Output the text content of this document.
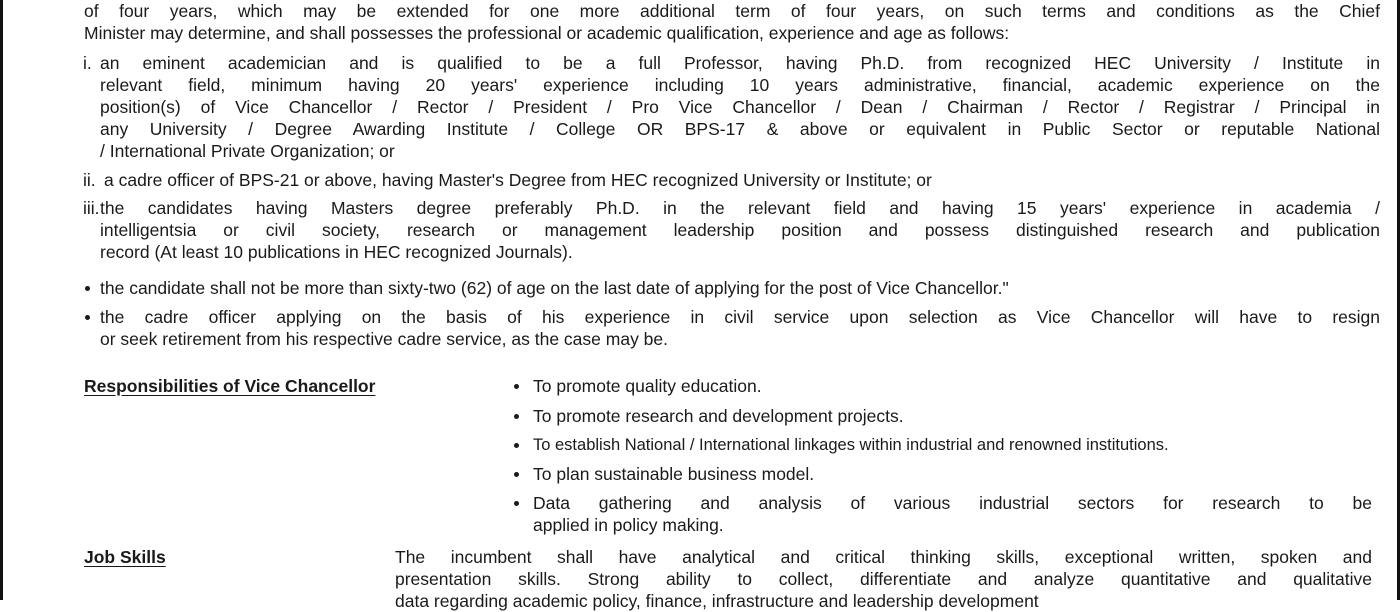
of four years, which may be extended for one more additional term of four years, on such terms and conditions as the Chief
Minister may determine, and shall possesses the professional or academic qualification, experience and age as follows:
i. an eminent academician and is qualified to be a full Professor, having Ph.D. from recognized HEC University / Institute in
relevant field, minimum having 20 years' experience including 10 years administrative, financial, academic experience on the
position(s) of Vice Chancellor / Rector / President / Pro Vice Chancellor / Dean / Chairman / Rector / Registrar / Principal in
any University / Degree Awarding Institute / College OR BPS-17 & above or equivalent in Public Sector or reputable National
/ International Private Organization; or
ii. a cadre officer of BPS-21 or above, having Master's Degree from HEC recognized University or Institute; or
iii. the candidates having Masters degree preferably Ph.D. in the relevant field and having 15 years' experience in academia /
intelligentsia or civil society, research or management leadership position and possess distinguished research and publication
record (At least 10 publications in HEC recognized Journals).
the candidate shall not be more than sixty-two (62) of age on the last date of applying for the post of Vice Chancellor."
the cadre officer applying on the basis of his experience in civil service upon selection as Vice Chancellor will have to resign
or seek retirement from his respective cadre service, as the case may be.
Responsibilities of Vice Chancellor	To promote quality education.
To promote research and development projects.
To establish National / International linkages within industrial and renowned institutions.
To plan sustainable business model.
Data gathering and analysis of various industrial sectors for research to be
applied in policy making.
Job Skills	The incumbent shall have analytical and critical thinking skills, exceptional written, spoken and
presentation skills. Strong ability to collect, differentiate and analyze quantitative and qualitative
data regarding academic policy, finance, infrastructure and leadership development
